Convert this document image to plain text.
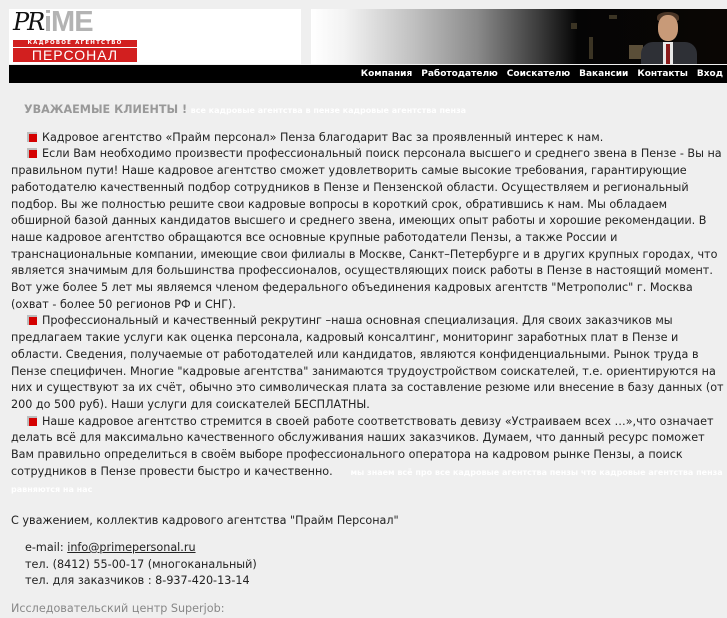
PR iME
КАДРОВОЕ АГЕНТСТВО
ПЕРСОНАЛ
Компания Работодателю Соискателю Вакансии Контакты Вход
УВАЖАЕМЫЕ КЛИЕНТЫ ! все кадровые агентства в пензе кадровые агентства пенза

Кадровое агентство «Прайм персонал» Пенза благодарит Вас за проявленный интерес к нам.

Если Вам необходимо произвести профессиональный поиск персонала высшего и среднего звена в Пензе - Вы на правильном пути! Наше кадровое агентство сможет удовлетворить самые высокие требования, гарантирующие работодателю качественный подбор сотрудников в Пензе и Пензенской области. Осуществляем и региональный подбор. Вы же полностью решите свои кадровые вопросы в короткий срок, обратившись к нам. Мы обладаем обширной базой данных кандидатов высшего и среднего звена, имеющих опыт работы и хорошие рекомендации. В наше кадровое агентство обращаются все основные крупные работодатели Пензы, а также России и транснациональные компании, имеющие свои филиалы в Москве, Санкт–Петербурге и в других крупных городах, что является значимым для большинства профессионалов, осуществляющих поиск работы в Пензе в настоящий момент. Вот уже более 5 лет мы являемся членом федерального объединения кадровых агентств "Метрополис" г. Москва (охват - более 50 регионов РФ и СНГ).

Профессиональный и качественный рекрутинг –наша основная специализация. Для своих заказчиков мы предлагаем такие услуги как оценка персонала, кадровый консалтинг, мониторинг заработных плат в Пензе и области. Сведения, получаемые от работодателей или кандидатов, являются конфиденциальными. Рынок труда в Пензе специфичен. Многие "кадровые агентства" занимаются трудоустройством соискателей, т.е. ориентируются на них и существуют за их счёт, обычно это символическая плата за составление резюме или внесение в базу данных (от 200 до 500 руб). Наши услуги для соискателей БЕСПЛАТНЫ.

Наше кадровое агентство стремится в своей работе соответствовать девизу «Устраиваем всех …»,что означает делать всё для максимально качественного обслуживания наших заказчиков. Думаем, что данный ресурс поможет Вам правильно определиться в своём выборе профессионального оператора на кадровом рынке Пензы, а поиск сотрудников в Пензе провести быстро и качественно. мы знаем всё про все кадровые агентства пензы что кадровые агентства пенза равняются на нас

С уважением, коллектив кадрового агентства "Прайм Персонал"
e-mail: info@primepersonal.ru
тел. (8412) 55-00-17 (многоканальный)
тел. для заказчиков : 8-937-420-13-14
Исследовательский центр Superjob:
